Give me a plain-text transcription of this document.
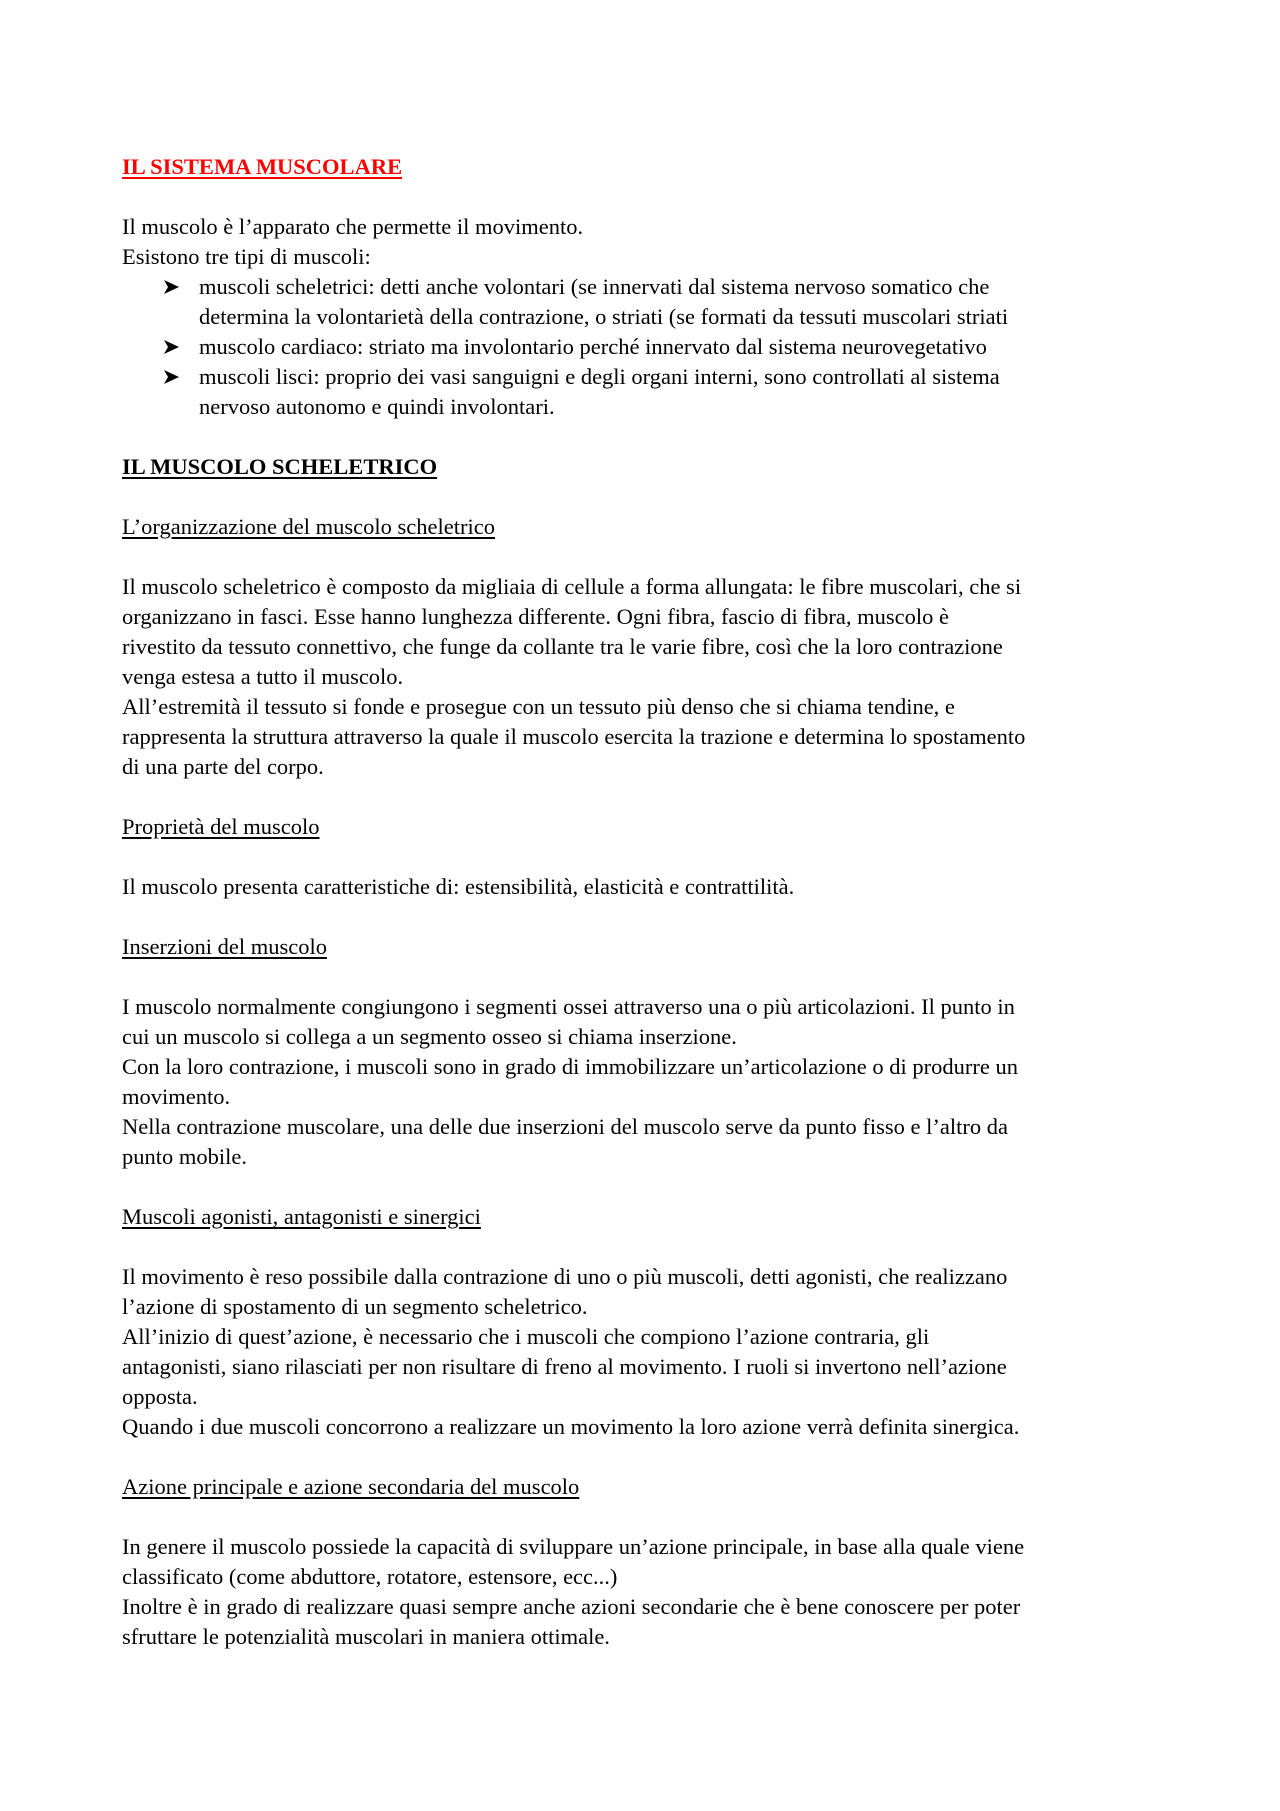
IL SISTEMA MUSCOLARE
Il muscolo è l’apparato che permette il movimento.
Esistono tre tipi di muscoli:
muscoli scheletrici: detti anche volontari (se innervati dal sistema nervoso somatico che
determina la volontarietà della contrazione, o striati (se formati da tessuti muscolari striati
muscolo cardiaco: striato ma involontario perché innervato dal sistema neurovegetativo
muscoli lisci: proprio dei vasi sanguigni e degli organi interni, sono controllati al sistema
nervoso autonomo e quindi involontari.
IL MUSCOLO SCHELETRICO
L’organizzazione del muscolo scheletrico
Il muscolo scheletrico è composto da migliaia di cellule a forma allungata: le fibre muscolari, che si
organizzano in fasci. Esse hanno lunghezza differente. Ogni fibra, fascio di fibra, muscolo è
rivestito da tessuto connettivo, che funge da collante tra le varie fibre, così che la loro contrazione
venga estesa a tutto il muscolo.
All’estremità il tessuto si fonde e prosegue con un tessuto più denso che si chiama tendine, e
rappresenta la struttura attraverso la quale il muscolo esercita la trazione e determina lo spostamento
di una parte del corpo.
Proprietà del muscolo
Il muscolo presenta caratteristiche di: estensibilità, elasticità e contrattilità.
Inserzioni del muscolo
I muscolo normalmente congiungono i segmenti ossei attraverso una o più articolazioni. Il punto in
cui un muscolo si collega a un segmento osseo si chiama inserzione.
Con la loro contrazione, i muscoli sono in grado di immobilizzare un’articolazione o di produrre un
movimento.
Nella contrazione muscolare, una delle due inserzioni del muscolo serve da punto fisso e l’altro da
punto mobile.
Muscoli agonisti, antagonisti e sinergici
Il movimento è reso possibile dalla contrazione di uno o più muscoli, detti agonisti, che realizzano
l’azione di spostamento di un segmento scheletrico.
All’inizio di quest’azione, è necessario che i muscoli che compiono l’azione contraria, gli
antagonisti, siano rilasciati per non risultare di freno al movimento. I ruoli si invertono nell’azione
opposta.
Quando i due muscoli concorrono a realizzare un movimento la loro azione verrà definita sinergica.
Azione principale e azione secondaria del muscolo
In genere il muscolo possiede la capacità di sviluppare un’azione principale, in base alla quale viene
classificato (come abduttore, rotatore, estensore, ecc...)
Inoltre è in grado di realizzare quasi sempre anche azioni secondarie che è bene conoscere per poter
sfruttare le potenzialità muscolari in maniera ottimale.
